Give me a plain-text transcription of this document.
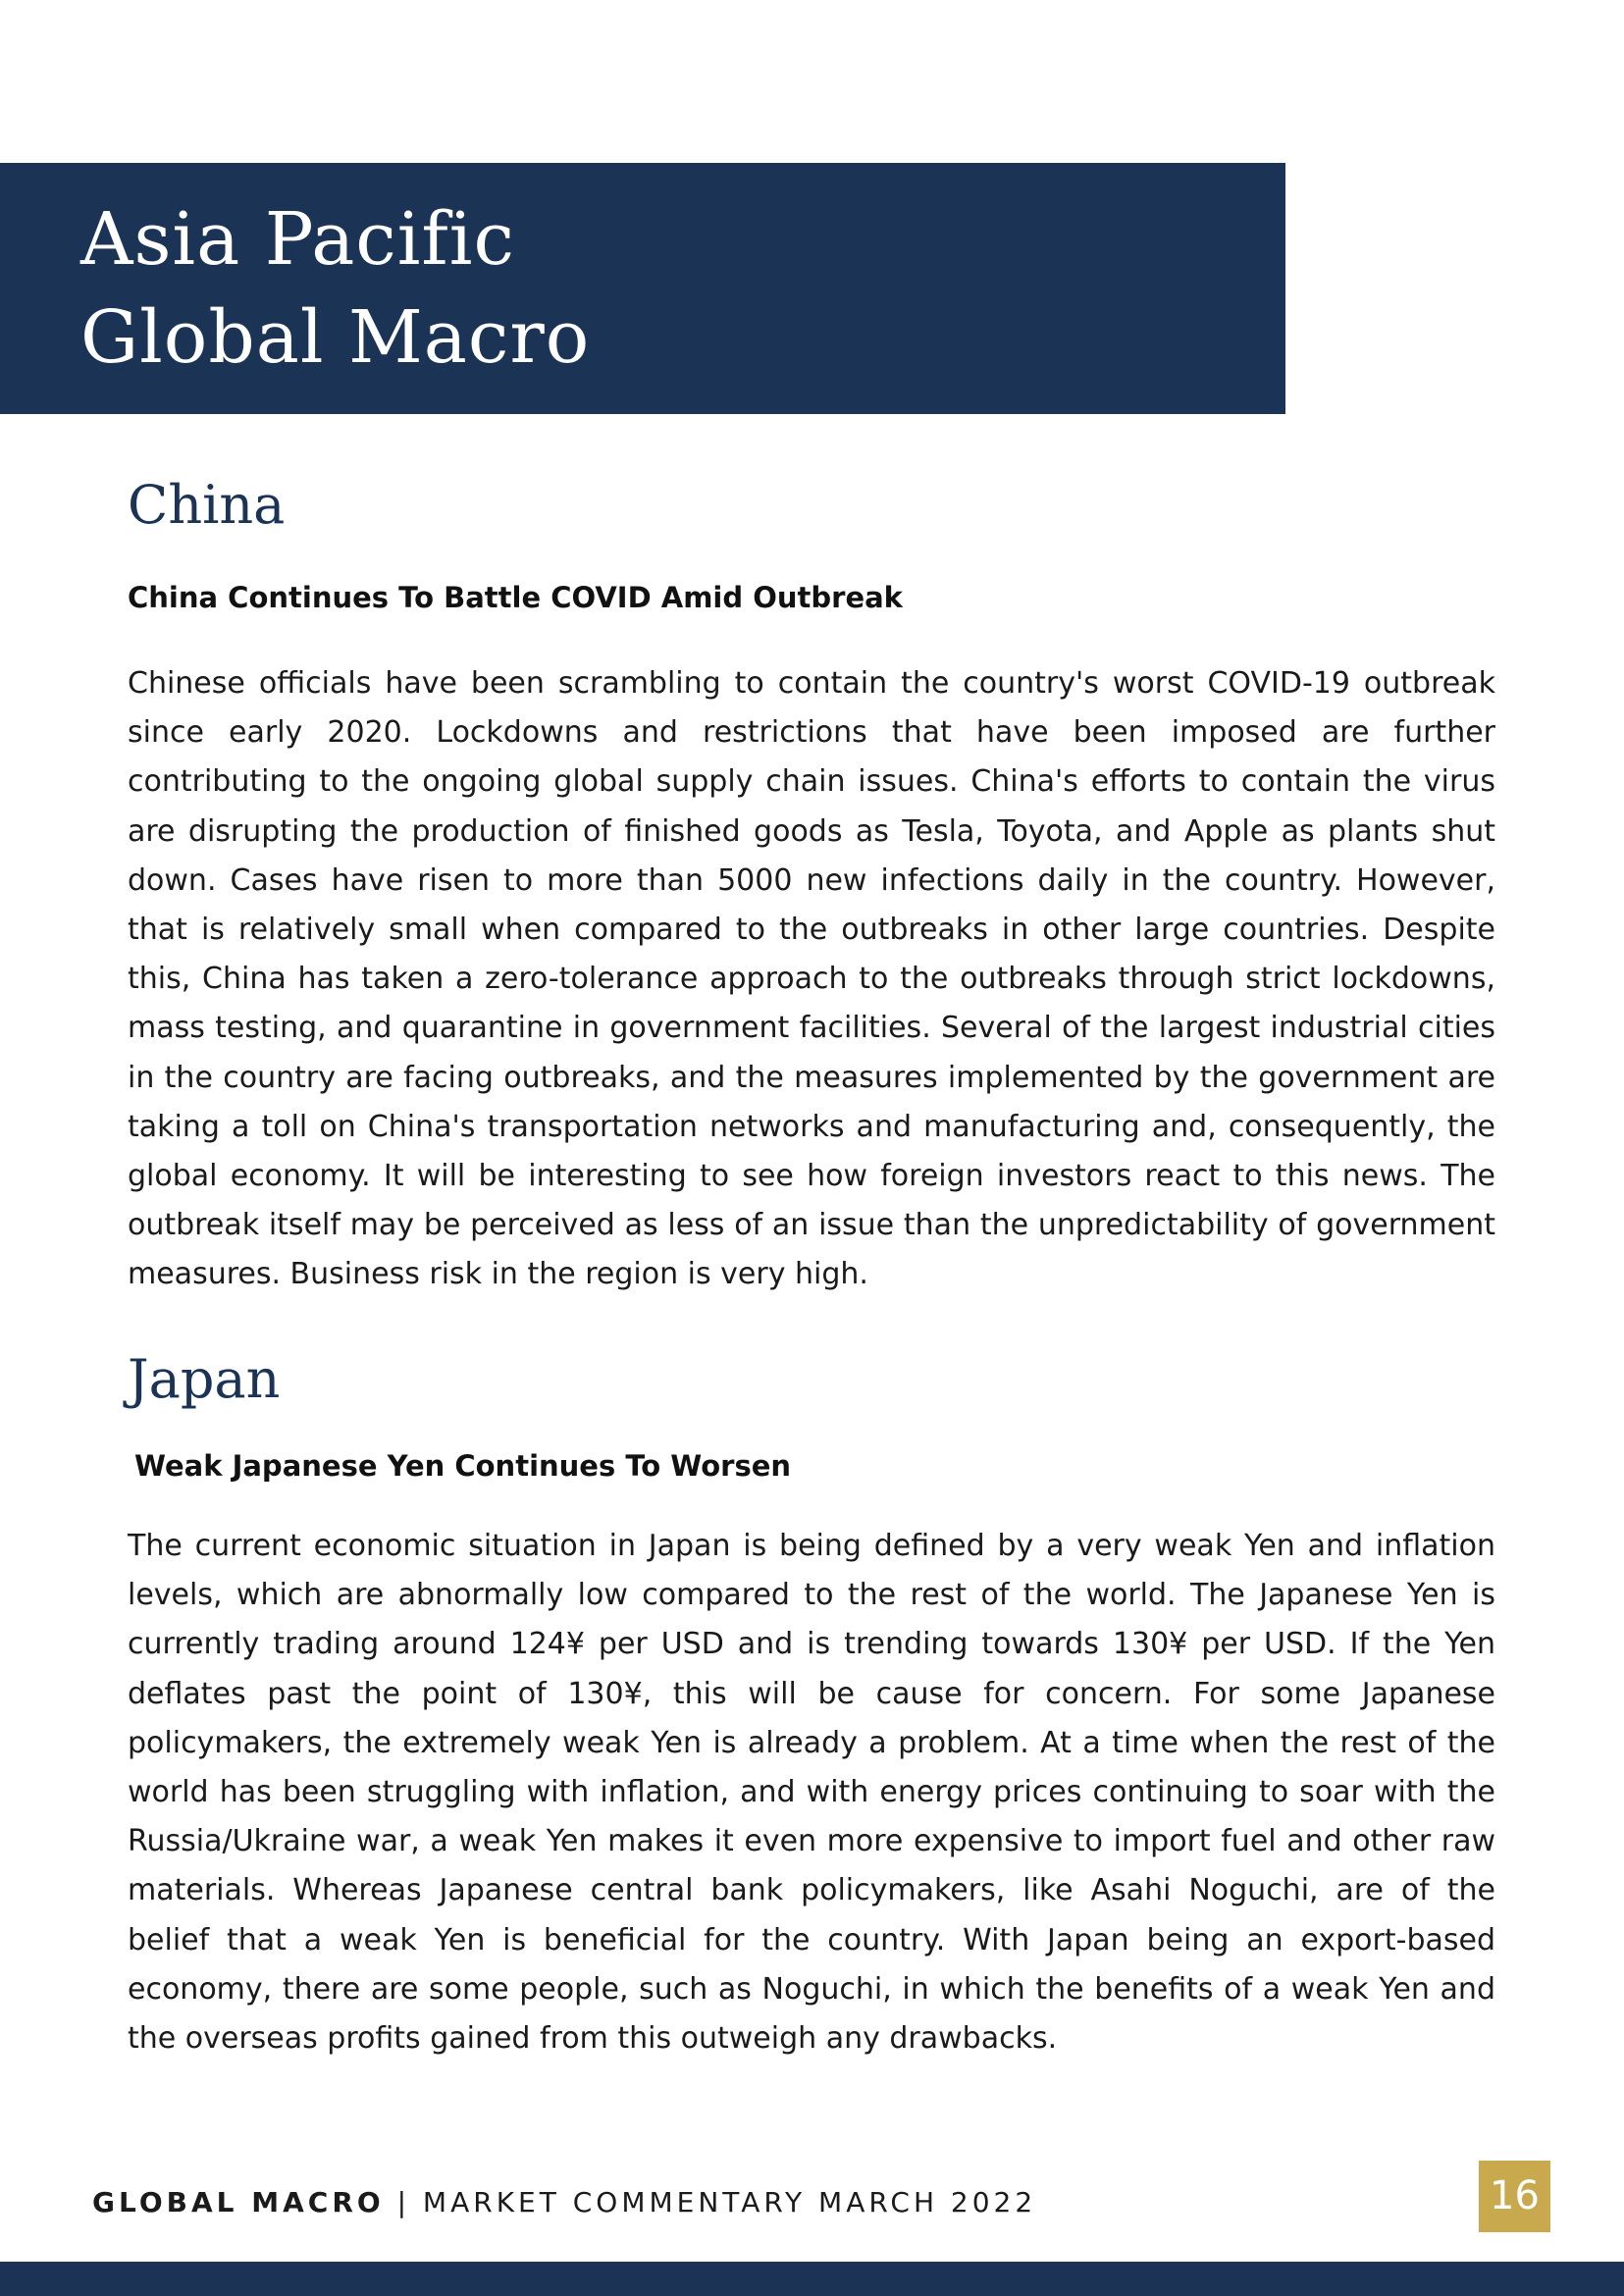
Asia Pacific
Global Macro
China
China Continues To Battle COVID Amid Outbreak

Chinese officials have been scrambling to contain the country's worst COVID-19 outbreak since early 2020. Lockdowns and restrictions that have been imposed are further contributing to the ongoing global supply chain issues. China's efforts to contain the virus are disrupting the production of finished goods as Tesla, Toyota, and Apple as plants shut down. Cases have risen to more than 5000 new infections daily in the country. However, that is relatively small when compared to the outbreaks in other large countries. Despite this, China has taken a zero-tolerance approach to the outbreaks through strict lockdowns, mass testing, and quarantine in government facilities. Several of the largest industrial cities in the country are facing outbreaks, and the measures implemented by the government are taking a toll on China's transportation networks and manufacturing and, consequently, the global economy. It will be interesting to see how foreign investors react to this news. The outbreak itself may be perceived as less of an issue than the unpredictability of government measures. Business risk in the region is very high.

Japan
Weak Japanese Yen Continues To Worsen

The current economic situation in Japan is being defined by a very weak Yen and inflation levels, which are abnormally low compared to the rest of the world. The Japanese Yen is currently trading around 124¥ per USD and is trending towards 130¥ per USD. If the Yen deflates past the point of 130¥, this will be cause for concern. For some Japanese policymakers, the extremely weak Yen is already a problem. At a time when the rest of the world has been struggling with inflation, and with energy prices continuing to soar with the Russia/Ukraine war, a weak Yen makes it even more expensive to import fuel and other raw materials. Whereas Japanese central bank policymakers, like Asahi Noguchi, are of the belief that a weak Yen is beneficial for the country. With Japan being an export-based economy, there are some people, such as Noguchi, in which the benefits of a weak Yen and the overseas profits gained from this outweigh any drawbacks.

GLOBAL MACRO | MARKET COMMENTARY MARCH 2022	16
